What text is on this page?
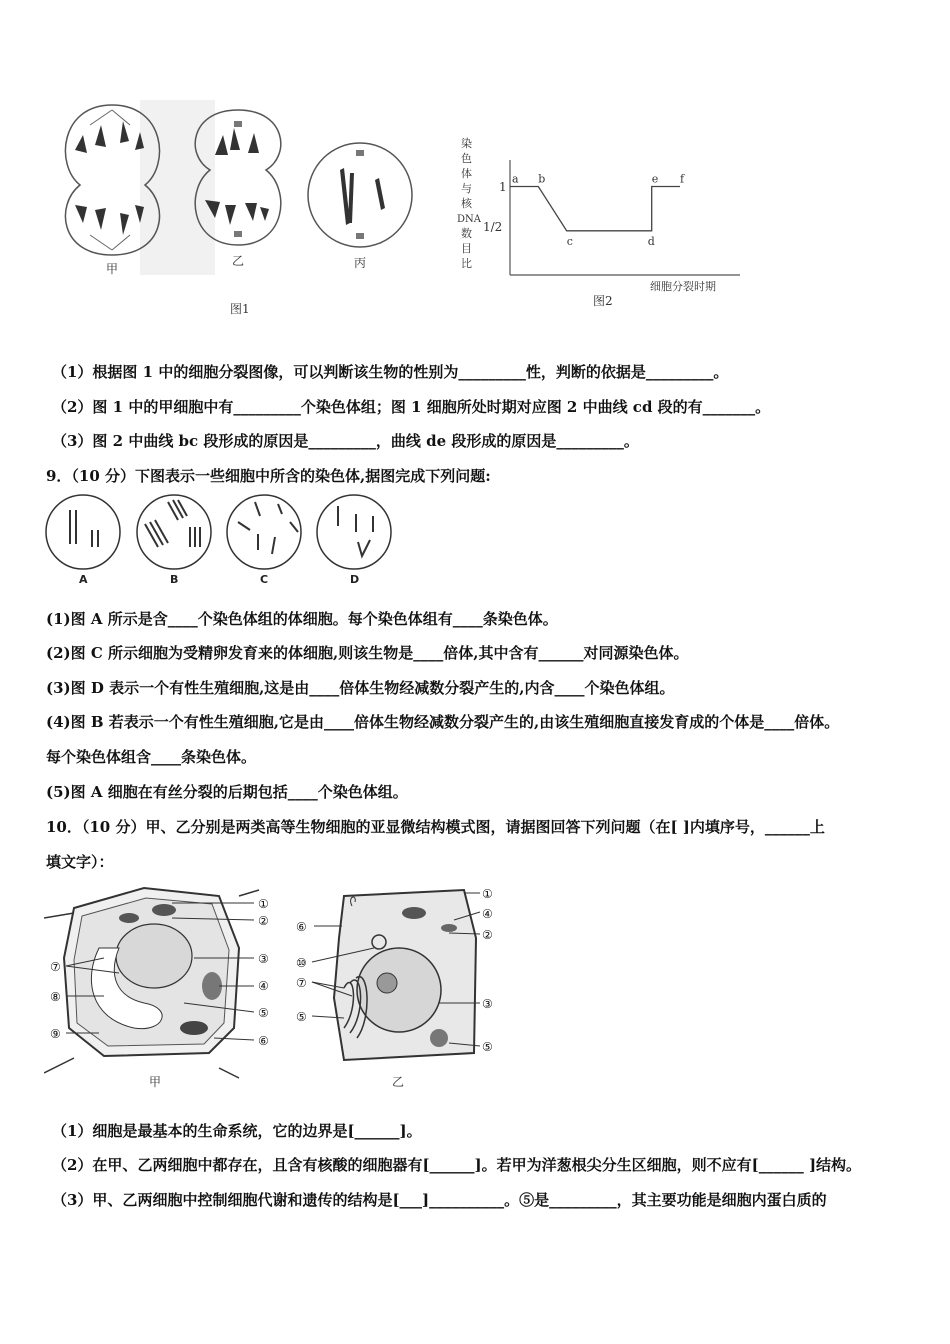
甲
乙	丙
图1
染
色
体
与
核
DNA
数
目
比
1
1/2
a b
c	d
e f
细胞分裂时期
图2
（1）根据图 1 中的细胞分裂图像，可以判断该生物的性别为_________性，判断的依据是_________。
（2）图 1 中的甲细胞中有_________个染色体组；图 1 细胞所处时期对应图 2 中曲线 cd 段的有_______。
（3）图 2 中曲线 bc 段形成的原因是_________，曲线 de 段形成的原因是_________。
9．（10 分）下图表示一些细胞中所含的染色体,据图完成下列问题:
A	B	C	D
(1)图 A 所示是含____个染色体组的体细胞。每个染色体组有____条染色体。
(2)图 C 所示细胞为受精卵发育来的体细胞,则该生物是____倍体,其中含有______对同源染色体。
(3)图 D 表示一个有性生殖细胞,这是由____倍体生物经减数分裂产生的,内含____个染色体组。
(4)图 B 若表示一个有性生殖细胞,它是由____倍体生物经减数分裂产生的,由该生殖细胞直接发育成的个体是____倍体。
每个染色体组含____条染色体。
(5)图 A 细胞在有丝分裂的后期包括____个染色体组。
10．（10 分）甲、乙分别是两类高等生物细胞的亚显微结构模式图，请据图回答下列问题（在[ ]内填序号，______上
填文字）：
①
②
③
④
⑤
⑥
⑦
⑧
⑨
甲
①
④
②
⑥
⑩
⑦
③
⑤
⑤
乙
（1）细胞是最基本的生命系统，它的边界是[______]。
（2）在甲、乙两细胞中都存在，且含有核酸的细胞器有[______]。若甲为洋葱根尖分生区细胞，则不应有[______ ]结构。
（3）甲、乙两细胞中控制细胞代谢和遗传的结构是[___]__________。⑤是_________，其主要功能是细胞内蛋白质的
